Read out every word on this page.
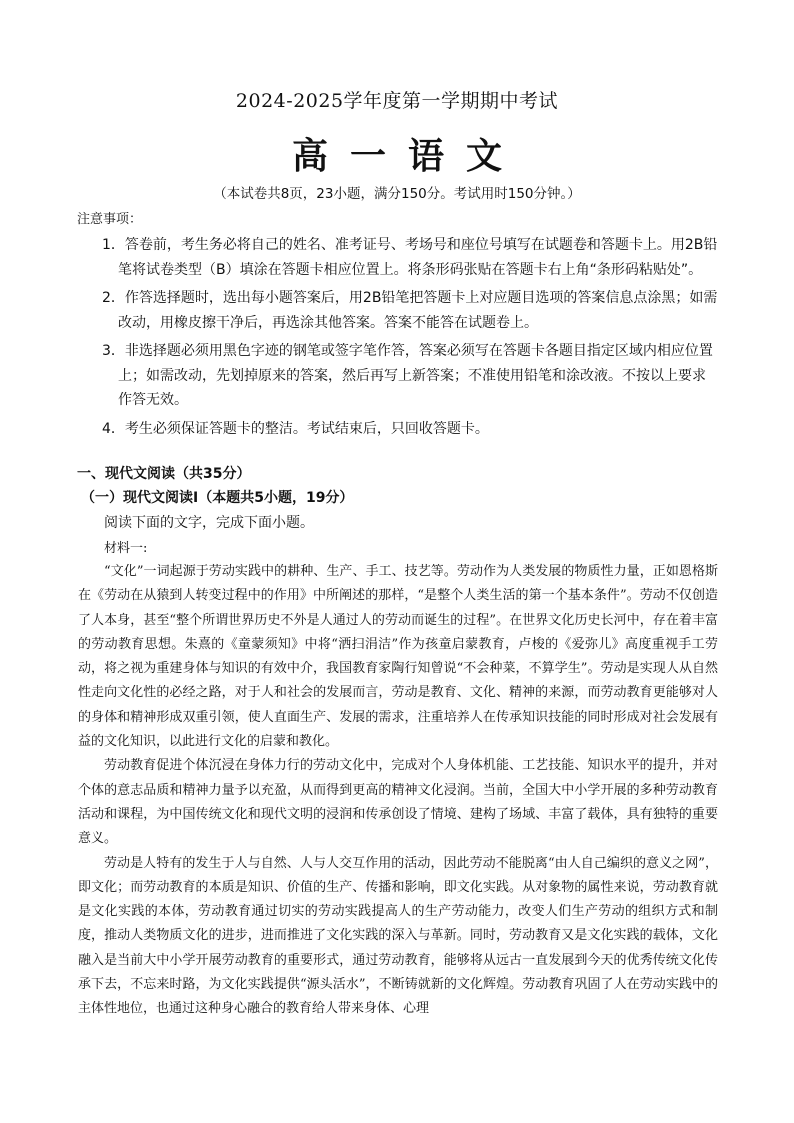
2024-2025学年度第一学期期中考试
高一语文
（本试卷共8页，23小题，满分150分。考试用时150分钟。）
注意事项：
1．答卷前，考生务必将自己的姓名、准考证号、考场号和座位号填写在试题卷和答题卡上。用2B铅笔将试卷类型（B）填涂在答题卡相应位置上。将条形码张贴在答题卡右上角“条形码粘贴处”。
2．作答选择题时，选出每小题答案后，用2B铅笔把答题卡上对应题目选项的答案信息点涂黑；如需改动，用橡皮擦干净后，再选涂其他答案。答案不能答在试题卷上。
3．非选择题必须用黑色字迹的钢笔或签字笔作答，答案必须写在答题卡各题目指定区域内相应位置上；如需改动，先划掉原来的答案，然后再写上新答案；不准使用铅笔和涂改液。不按以上要求作答无效。
4．考生必须保证答题卡的整洁。考试结束后，只回收答题卡。
一、现代文阅读（共35分）
（一）现代文阅读Ⅰ（本题共5小题，19分）
阅读下面的文字，完成下面小题。
材料一:

“文化”一词起源于劳动实践中的耕种、生产、手工、技艺等。劳动作为人类发展的物质性力量，正如恩格斯在《劳动在从猿到人转变过程中的作用》中所阐述的那样，“是整个人类生活的第一个基本条件”。劳动不仅创造了人本身，甚至“整个所谓世界历史不外是人通过人的劳动而诞生的过程”。在世界文化历史长河中，存在着丰富的劳动教育思想。朱熹的《童蒙须知》中将“洒扫涓洁”作为孩童启蒙教育，卢梭的《爱弥儿》高度重视手工劳动，将之视为重建身体与知识的有效中介，我国教育家陶行知曾说“不会种菜，不算学生”。劳动是实现人从自然性走向文化性的必经之路，对于人和社会的发展而言，劳动是教育、文化、精神的来源，而劳动教育更能够对人的身体和精神形成双重引领，使人直面生产、发展的需求，注重培养人在传承知识技能的同时形成对社会发展有益的文化知识，以此进行文化的启蒙和教化。

劳动教育促进个体沉浸在身体力行的劳动文化中，完成对个人身体机能、工艺技能、知识水平的提升，并对个体的意志品质和精神力量予以充盈，从而得到更高的精神文化浸润。当前，全国大中小学开展的多种劳动教育活动和课程，为中国传统文化和现代文明的浸润和传承创设了情境、建构了场域、丰富了载体，具有独特的重要意义。

劳动是人特有的发生于人与自然、人与人交互作用的活动，因此劳动不能脱离“由人自己编织的意义之网”，即文化；而劳动教育的本质是知识、价值的生产、传播和影响，即文化实践。从对象物的属性来说，劳动教育就是文化实践的本体，劳动教育通过切实的劳动实践提高人的生产劳动能力，改变人们生产劳动的组织方式和制度，推动人类物质文化的进步，进而推进了文化实践的深入与革新。同时，劳动教育又是文化实践的载体，文化融入是当前大中小学开展劳动教育的重要形式，通过劳动教育，能够将从远古一直发展到今天的优秀传统文化传承下去，不忘来时路，为文化实践提供“源头活水”，不断铸就新的文化辉煌。劳动教育巩固了人在劳动实践中的主体性地位，也通过这种身心融合的教育给人带来身体、心理
